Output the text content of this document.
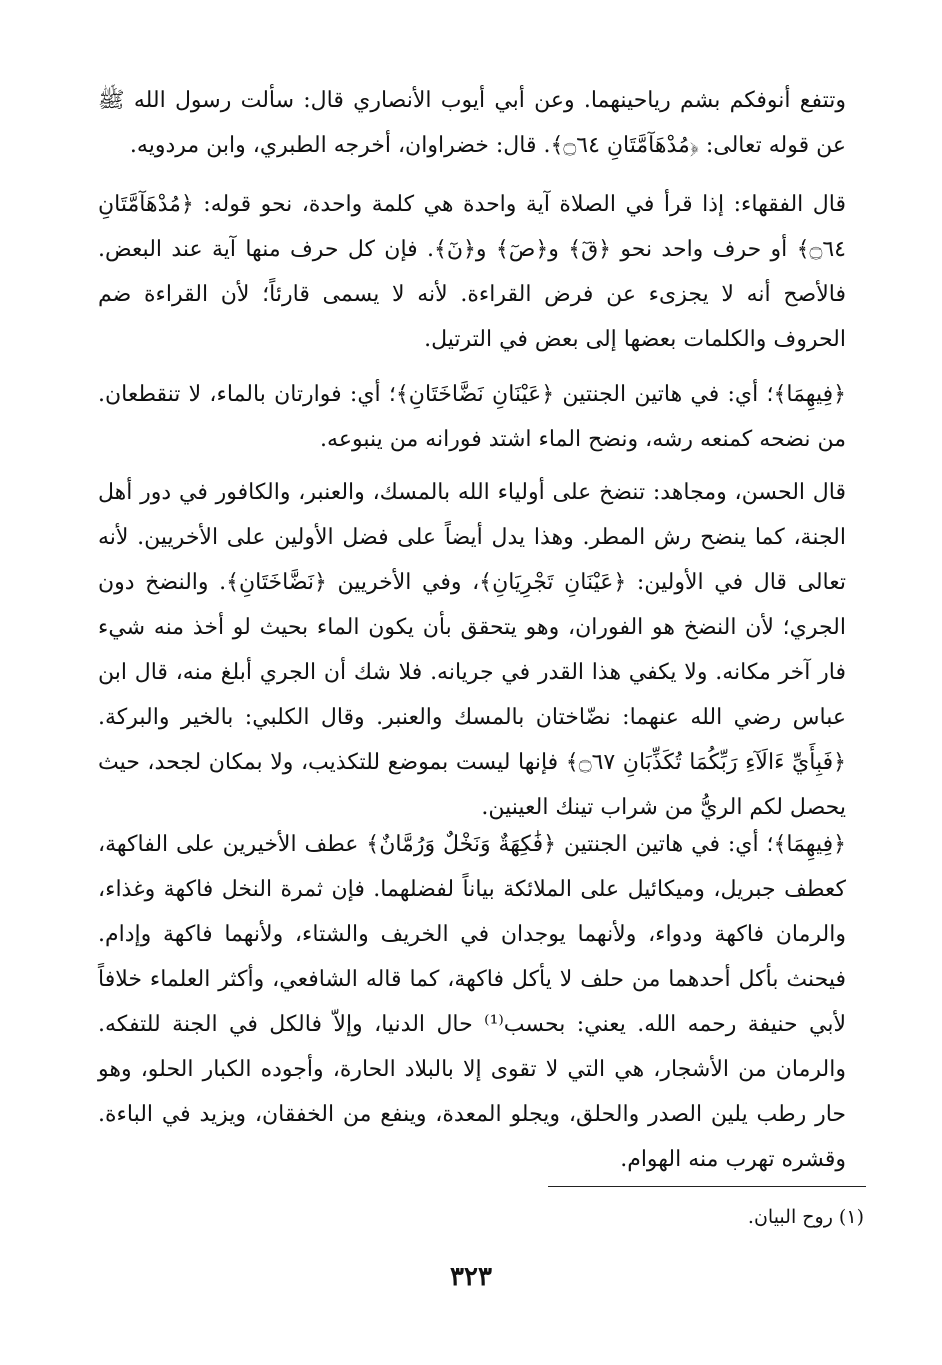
وتتفع أنوفكم بشم رياحينهما. وعن أبي أيوب الأنصاري قال: سألت رسول الله ﷺ عن قوله تعالى: ﴿مُدْهَآمَّتَانِ ۝٦٤﴾. قال: خضراوان، أخرجه الطبري، وابن مردويه.

قال الفقهاء: إذا قرأ في الصلاة آية واحدة هي كلمة واحدة، نحو قوله: ﴿مُدْهَآمَّتَانِ ۝٦٤﴾ أو حرف واحد نحو ﴿قٓ﴾ و﴿صٓ﴾ و﴿نٓ﴾. فإن كل حرف منها آية عند البعض. فالأصح أنه لا يجزىء عن فرض القراءة. لأنه لا يسمى قارئاً؛ لأن القراءة ضم الحروف والكلمات بعضها إلى بعض في الترتيل.

﴿فِيهِمَا﴾؛ أي: في هاتين الجنتين ﴿عَيْنَانِ نَضَّاخَتَانِ﴾؛ أي: فوارتان بالماء، لا تنقطعان. من نضحه كمنعه رشه، ونضح الماء اشتد فورانه من ينبوعه.

قال الحسن، ومجاهد: تنضخ على أولياء الله بالمسك، والعنبر، والكافور في دور أهل الجنة، كما ينضح رش المطر. وهذا يدل أيضاً على فضل الأولين على الأخريين. لأنه تعالى قال في الأولين: ﴿عَيْنَانِ تَجْرِيَانِ﴾، وفي الأخريين ﴿نَضَّاخَتَانِ﴾. والنضخ دون الجري؛ لأن النضخ هو الفوران، وهو يتحقق بأن يكون الماء بحيث لو أخذ منه شيء فار آخر مكانه. ولا يكفي هذا القدر في جريانه. فلا شك أن الجري أبلغ منه، قال ابن عباس رضي الله عنهما: نضّاختان بالمسك والعنبر. وقال الكلبي: بالخير والبركة. ﴿فَبِأَيِّ ءَالَآءِ رَبِّكُمَا تُكَذِّبَانِ ۝٦٧﴾ فإنها ليست بموضع للتكذيب، ولا بمكان لجحد، حيث يحصل لكم الريُّ من شراب تينك العينين.

﴿فِيهِمَا﴾؛ أي: في هاتين الجنتين ﴿فَٰكِهَةٌ وَنَخْلٌ وَرُمَّانٌ﴾ عطف الأخيرين على الفاكهة، كعطف جبريل، وميكائيل على الملائكة بياناً لفضلهما. فإن ثمرة النخل فاكهة وغذاء، والرمان فاكهة ودواء، ولأنهما يوجدان في الخريف والشتاء، ولأنهما فاكهة وإدام. فيحنث بأكل أحدهما من حلف لا يأكل فاكهة، كما قاله الشافعي، وأكثر العلماء خلافاً لأبي حنيفة رحمه الله. يعني: بحسب⁽¹⁾ حال الدنيا، وإلاّ فالكل في الجنة للتفكه. والرمان من الأشجار، هي التي لا تقوى إلا بالبلاد الحارة، وأجوده الكبار الحلو، وهو حار رطب يلين الصدر والحلق، ويجلو المعدة، وينفع من الخفقان، ويزيد في الباءة. وقشره تهرب منه الهوام.

(١) روح البيان.

٣٢٣
